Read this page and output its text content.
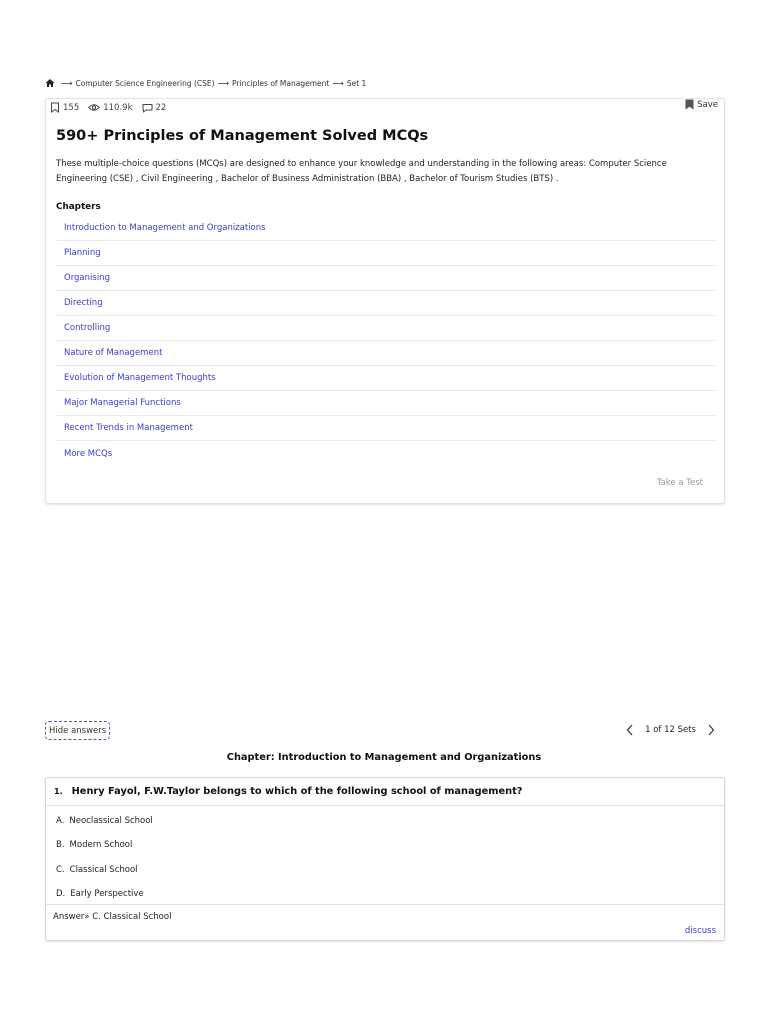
⟶ Computer Science Engineering (CSE) ⟶ Principles of Management ⟶ Set 1
155	110.9k	22	Save
590+ Principles of Management Solved MCQs

These multiple-choice questions (MCQs) are designed to enhance your knowledge and understanding in the following areas: Computer Science Engineering (CSE) , Civil Engineering , Bachelor of Business Administration (BBA) , Bachelor of Tourism Studies (BTS) .

Chapters
Introduction to Management and Organizations
Planning
Organising
Directing
Controlling
Nature of Management
Evolution of Management Thoughts
Major Managerial Functions
Recent Trends in Management
More MCQs
Take a Test
Hide answers	1 of 12 Sets
Chapter: Introduction to Management and Organizations
1. Henry Fayol, F.W.Taylor belongs to which of the following school of management?
A. Neoclassical School
B. Modern School
C. Classical School
D. Early Perspective
Answer» C. Classical School
discuss
